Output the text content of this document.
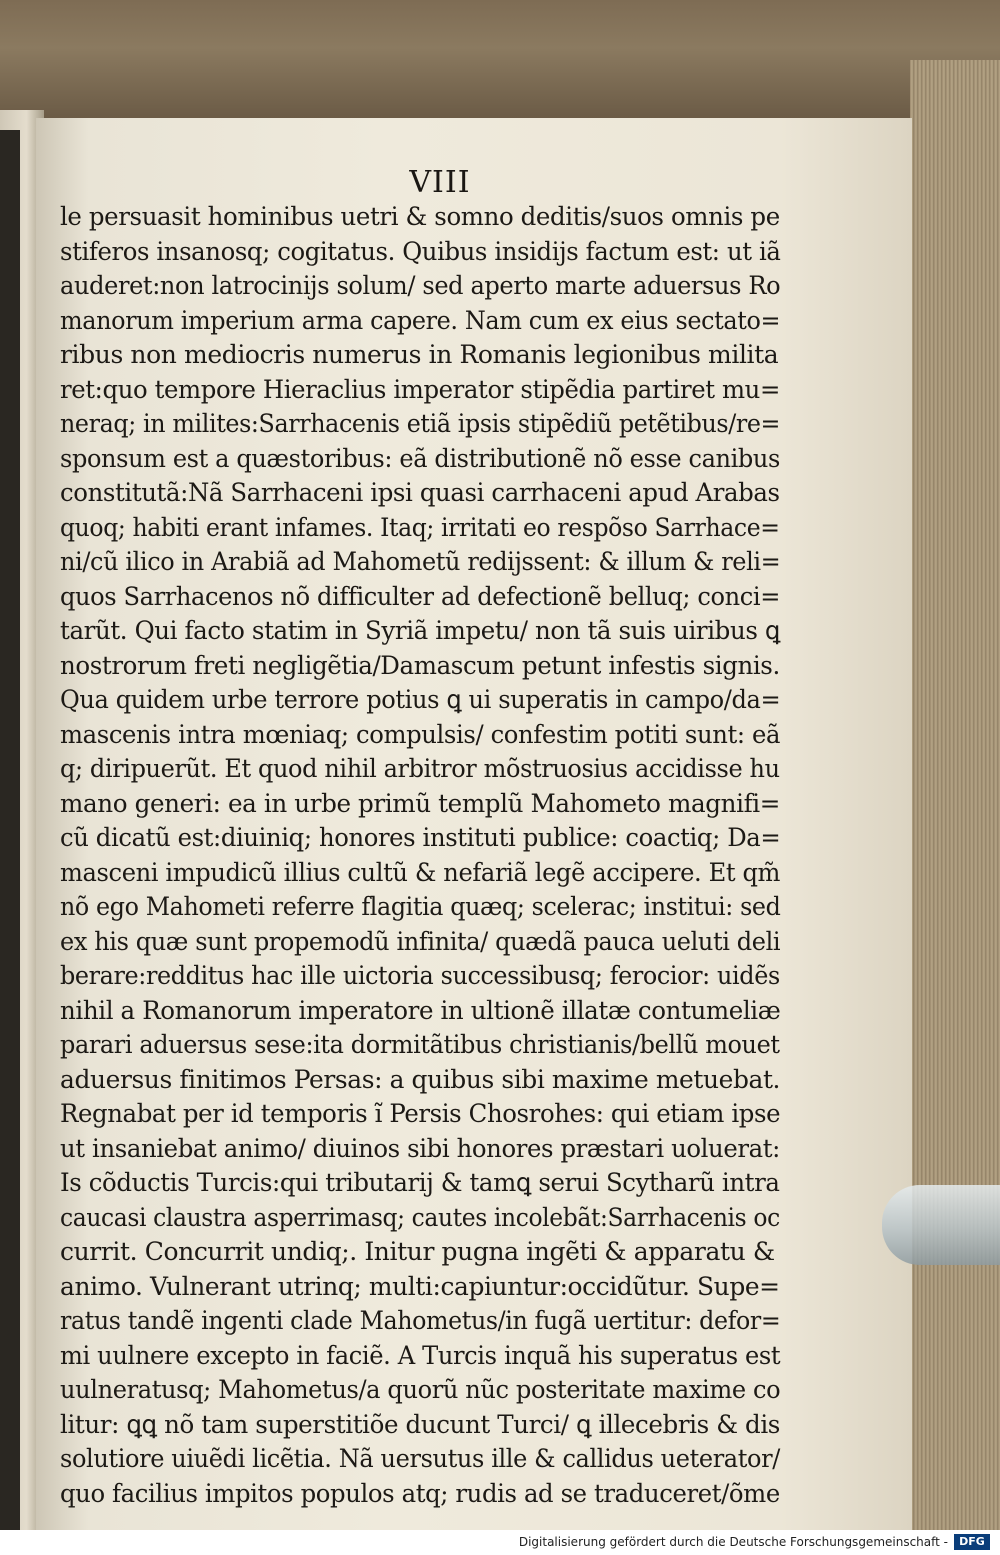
VIII
le persuasit hominibus uetri & somno deditis/suos omnis pe
stiferos insanosq; cogitatus. Quibus insidijs factum est: ut iã
auderet:non latrocinijs solum/ sed aperto marte aduersus Ro
manorum imperium arma capere. Nam cum ex eius sectato=
ribus non mediocris numerus in Romanis legionibus milita
ret:quo tempore Hieraclius imperator stipẽdia partiret mu=
neraq; in milites:Sarrhacenis etiã ipsis stipẽdiũ petẽtibus/re=
sponsum est a quæstoribus: eã distributionẽ nõ esse canibus
constitutã:Nã Sarrhaceni ipsi quasi carrhaceni apud Arabas
quoq; habiti erant infames. Itaq; irritati eo respõso Sarrhace=
ni/cũ ilico in Arabiã ad Mahometũ redijssent: & illum & reli=
quos Sarrhacenos nõ difficulter ad defectionẽ belluq; conci=
tarũt. Qui facto statim in Syriã impetu/ non tã suis uiribus ꝗ
nostrorum freti negligẽtia/Damascum petunt infestis signis.
Qua quidem urbe terrore potius ꝗ ui superatis in campo/da=
mascenis intra mœniaq; compulsis/ confestim potiti sunt: eã
q; diripuerũt. Et quod nihil arbitror mõstruosius accidisse hu
mano generi: ea in urbe primũ templũ Mahometo magnifi=
cũ dicatũ est:diuiniq; honores instituti publice: coactiq; Da=
masceni impudicũ illius cultũ & nefariã legẽ accipere. Et qm̃
nõ ego Mahometi referre flagitia quæq; scelerac; institui: sed
ex his quæ sunt propemodũ infinita/ quædã pauca ueluti deli
berare:redditus hac ille uictoria successibusq; ferocior: uidẽs
nihil a Romanorum imperatore in ultionẽ illatæ contumeliæ
parari aduersus sese:ita dormitãtibus christianis/bellũ mouet
aduersus finitimos Persas: a quibus sibi maxime metuebat.
Regnabat per id temporis ĩ Persis Chosrohes: qui etiam ipse
ut insaniebat animo/ diuinos sibi honores præstari uoluerat:
Is cõductis Turcis:qui tributarij & tamꝗ serui Scytharũ intra
caucasi claustra asperrimasq; cautes incolebãt:Sarrhacenis oc
currit. Concurrit undiq;. Initur pugna ingẽti & apparatu &
animo. Vulnerant utrinq; multi:capiuntur:occidũtur. Supe=
ratus tandẽ ingenti clade Mahometus/in fugã uertitur: defor=
mi uulnere excepto in faciẽ. A Turcis inquã his superatus est
uulneratusq; Mahometus/a quorũ nũc posteritate maxime co
litur: ꝗꝗ nõ tam superstitiõe ducunt Turci/ ꝗ illecebris & dis
solutiore uiuẽdi licẽtia. Nã uersutus ille & callidus ueterator/
quo facilius impitos populos atq; rudis ad se traduceret/õme
Digitalisierung gefördert durch die Deutsche Forschungsgemeinschaft -	DFG
